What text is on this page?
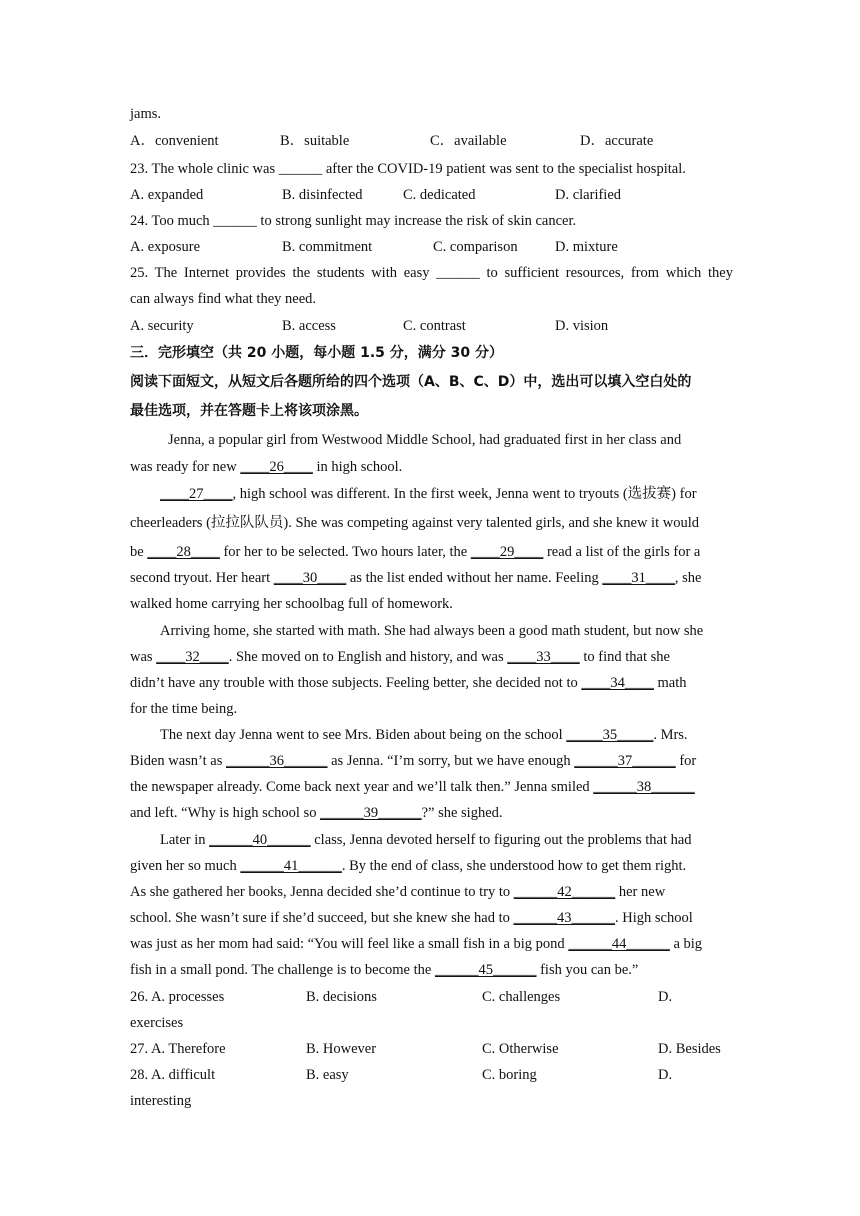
jams.
A．convenient	B．suitable	C．available	D．accurate
23. The whole clinic was ______ after the COVID-19 patient was sent to the specialist hospital.
A. expanded	B. disinfected	C. dedicated	D. clarified
24. Too much ______ to strong sunlight may increase the risk of skin cancer.
A. exposure	B. commitment	C. comparison	D. mixture
25. The Internet provides the students with easy ______ to sufficient resources, from which they
can always find what they need.
A. security	B. access	C. contrast	D. vision
三．完形填空（共 20 小题，每小题 1.5 分，满分 30 分）
阅读下面短文，从短文后各题所给的四个选项（A、B、C、D）中，选出可以填入空白处的
最佳选项，并在答题卡上将该项涂黑。
Jenna, a popular girl from Westwood Middle School, had graduated first in her class and
was ready for new ____26____ in high school.
____27____, high school was different. In the first week, Jenna went to tryouts (选拔赛) for
cheerleaders (拉拉队队员). She was competing against very talented girls, and she knew it would
be ____28____ for her to be selected. Two hours later, the ____29____ read a list of the girls for a
second tryout. Her heart ____30____ as the list ended without her name. Feeling ____31____, she
walked home carrying her schoolbag full of homework.
Arriving home, she started with math. She had always been a good math student, but now she
was ____32____. She moved on to English and history, and was ____33____ to find that she
didn’t have any trouble with those subjects. Feeling better, she decided not to ____34____ math
for the time being.
The next day Jenna went to see Mrs. Biden about being on the school _____35_____. Mrs.
Biden wasn’t as ______36______ as Jenna. “I’m sorry, but we have enough ______37______ for
the newspaper already. Come back next year and we’ll talk then.” Jenna smiled ______38______
and left. “Why is high school so ______39______?” she sighed.
Later in ______40______ class, Jenna devoted herself to figuring out the problems that had
given her so much ______41______. By the end of class, she understood how to get them right.
As she gathered her books, Jenna decided she’d continue to try to ______42______ her new
school. She wasn’t sure if she’d succeed, but she knew she had to ______43______. High school
was just as her mom had said: “You will feel like a small fish in a big pond ______44______ a big
fish in a small pond. The challenge is to become the ______45______ fish you can be.”
26. A. processes	B. decisions	C. challenges	D.
exercises
27. A. Therefore	B. However	C. Otherwise	D. Besides
28. A. difficult	B. easy	C. boring	D.
interesting
